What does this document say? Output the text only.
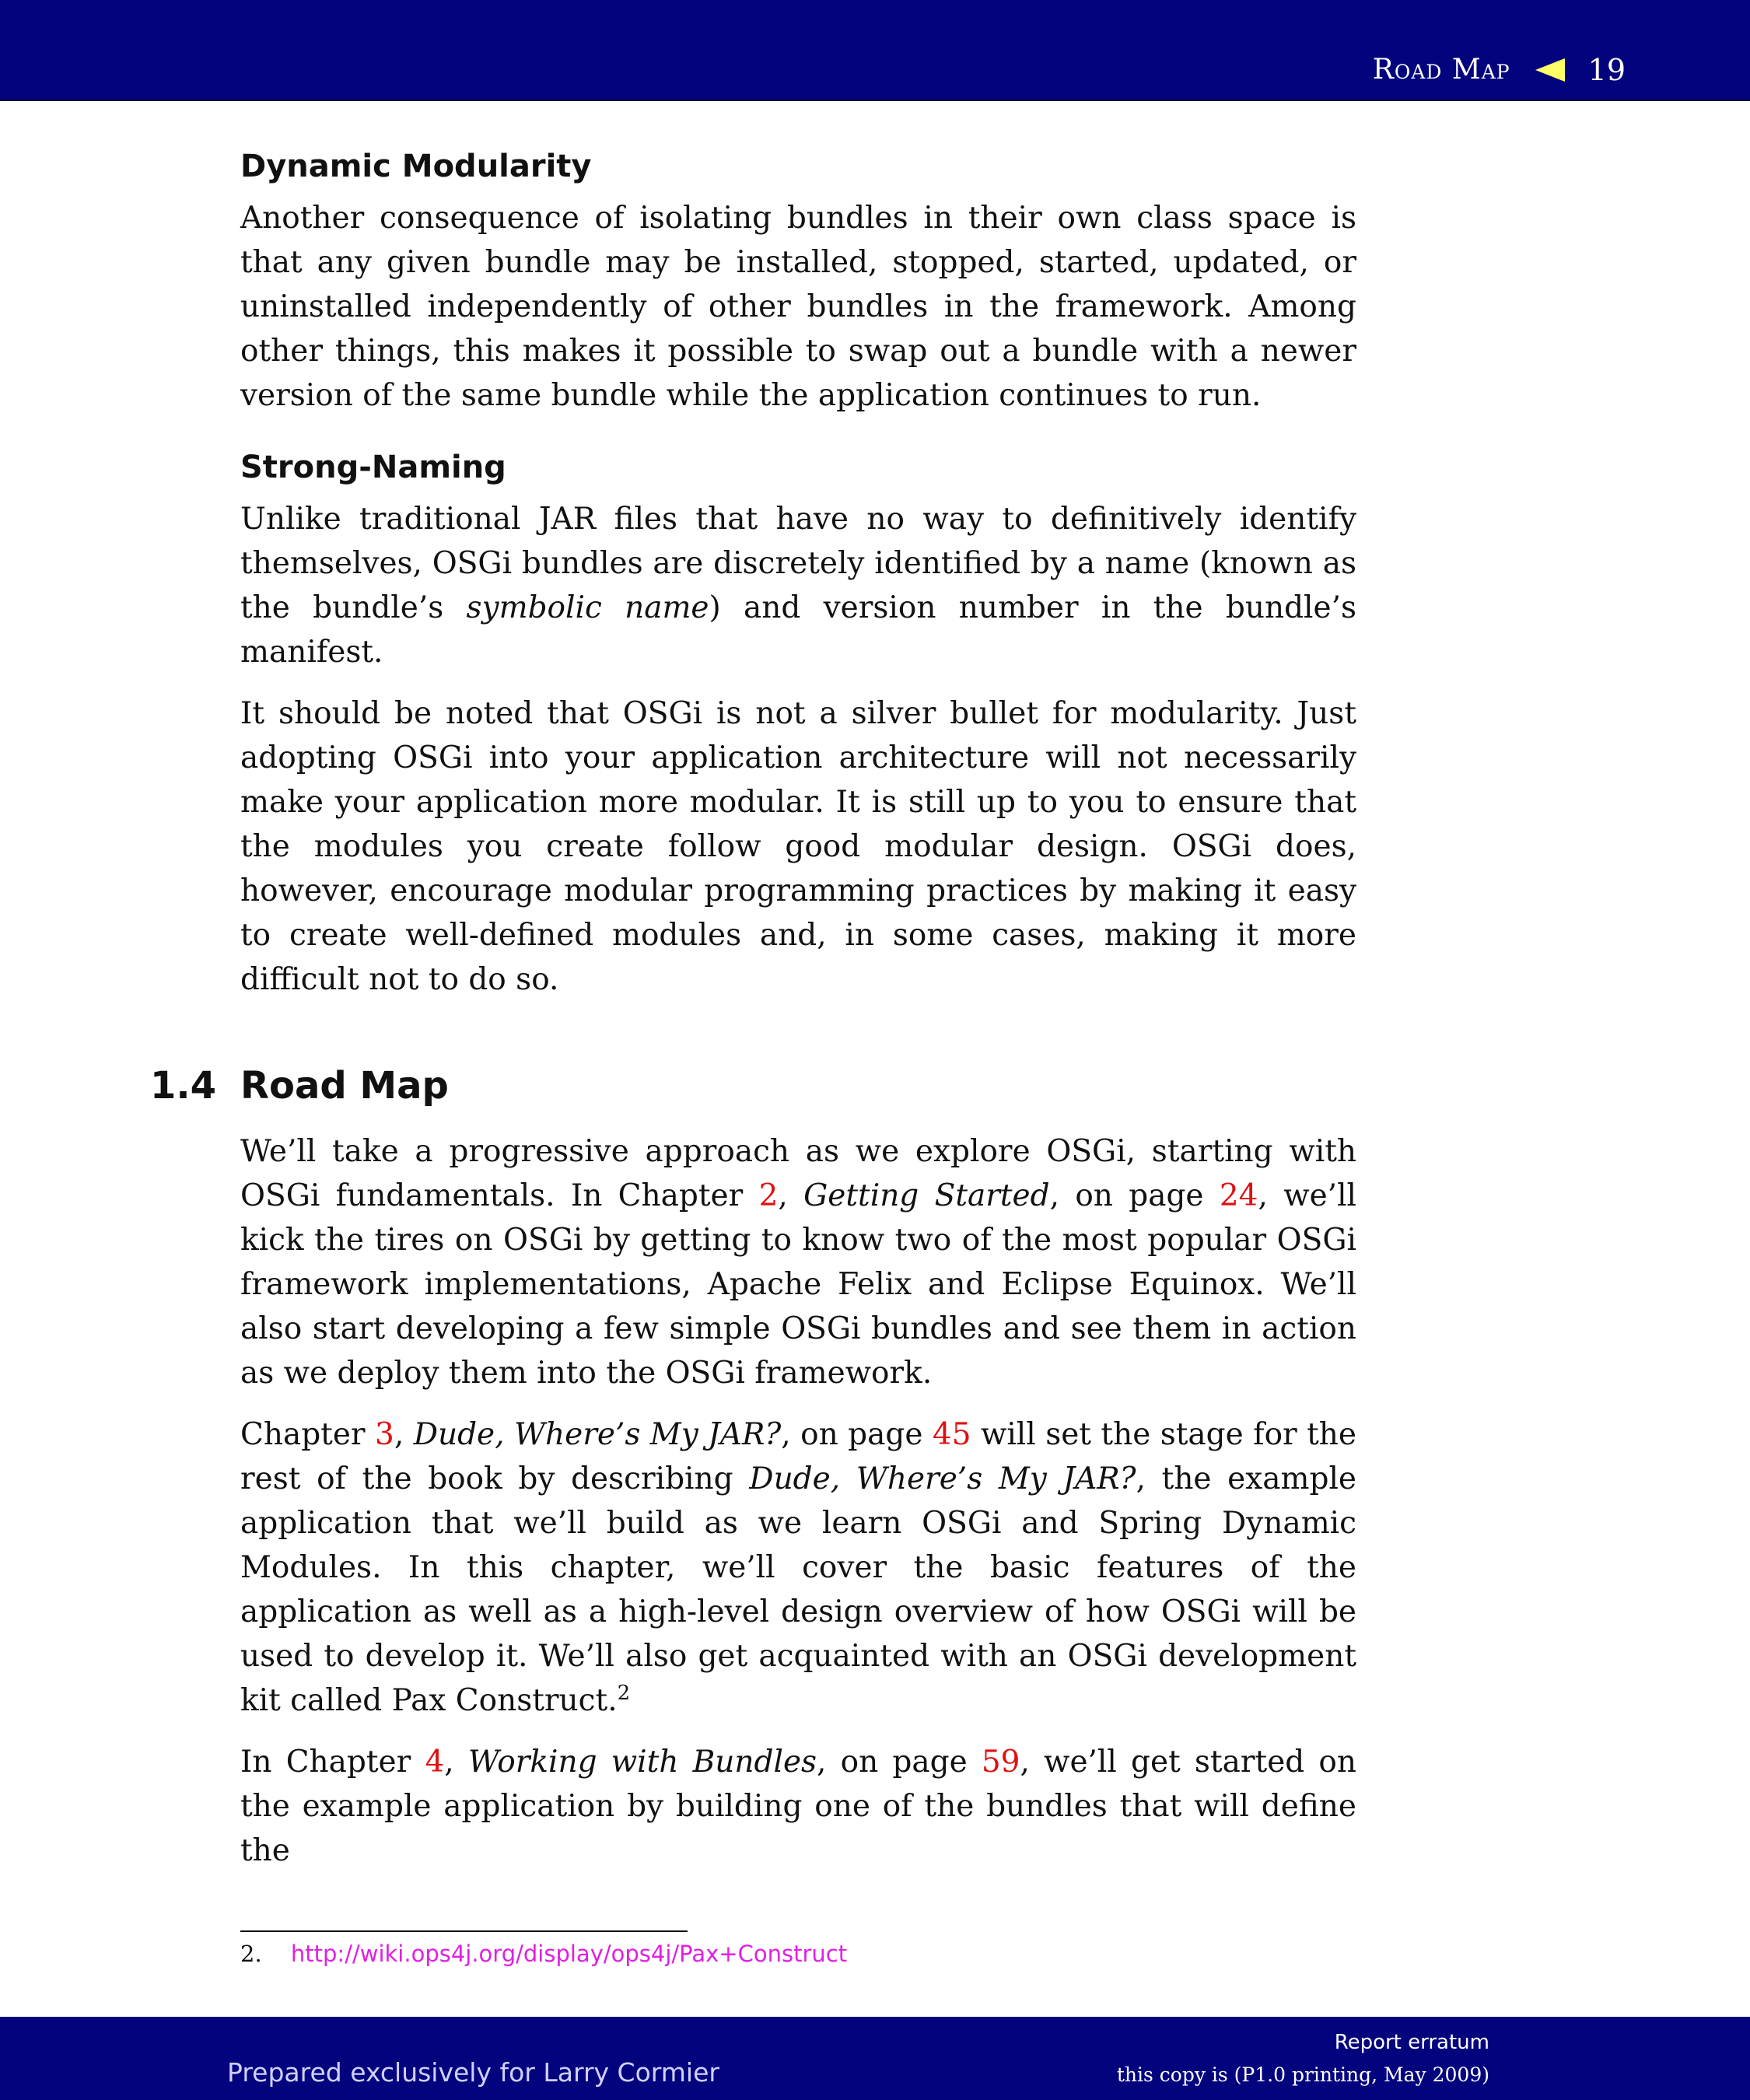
Road Map	19
Dynamic Modularity

Another consequence of isolating bundles in their own class space is that any given bundle may be installed, stopped, started, updated, or uninstalled independently of other bundles in the framework. Among other things, this makes it possible to swap out a bundle with a newer version of the same bundle while the application continues to run.

Strong-Naming

Unlike traditional JAR files that have no way to definitively identify themselves, OSGi bundles are discretely identified by a name (known as the bundle’s symbolic name) and version number in the bundle’s manifest.

It should be noted that OSGi is not a silver bullet for modularity. Just adopting OSGi into your application architecture will not necessarily make your application more modular. It is still up to you to ensure that the modules you create follow good modular design. OSGi does, however, encourage modular programming practices by making it easy to create well-defined modules and, in some cases, making it more difficult not to do so.

1.4 Road Map

We’ll take a progressive approach as we explore OSGi, starting with OSGi fundamentals. In Chapter 2, Getting Started, on page 24, we’ll kick the tires on OSGi by getting to know two of the most popular OSGi framework implementations, Apache Felix and Eclipse Equinox. We’ll also start developing a few simple OSGi bundles and see them in action as we deploy them into the OSGi framework.

Chapter 3, Dude, Where’s My JAR?, on page 45 will set the stage for the rest of the book by describing Dude, Where’s My JAR?, the example application that we’ll build as we learn OSGi and Spring Dynamic Modules. In this chapter, we’ll cover the basic features of the application as well as a high-level design overview of how OSGi will be used to develop it. We’ll also get acquainted with an OSGi development kit called Pax Construct.$^2$

In Chapter 4, Working with Bundles, on page 59, we’ll get started on the example application by building one of the bundles that will define the

2. http://wiki.ops4j.org/display/ops4j/Pax+Construct
Prepared exclusively for Larry Cormier
Report erratum
this copy is (P1.0 printing, May 2009)
